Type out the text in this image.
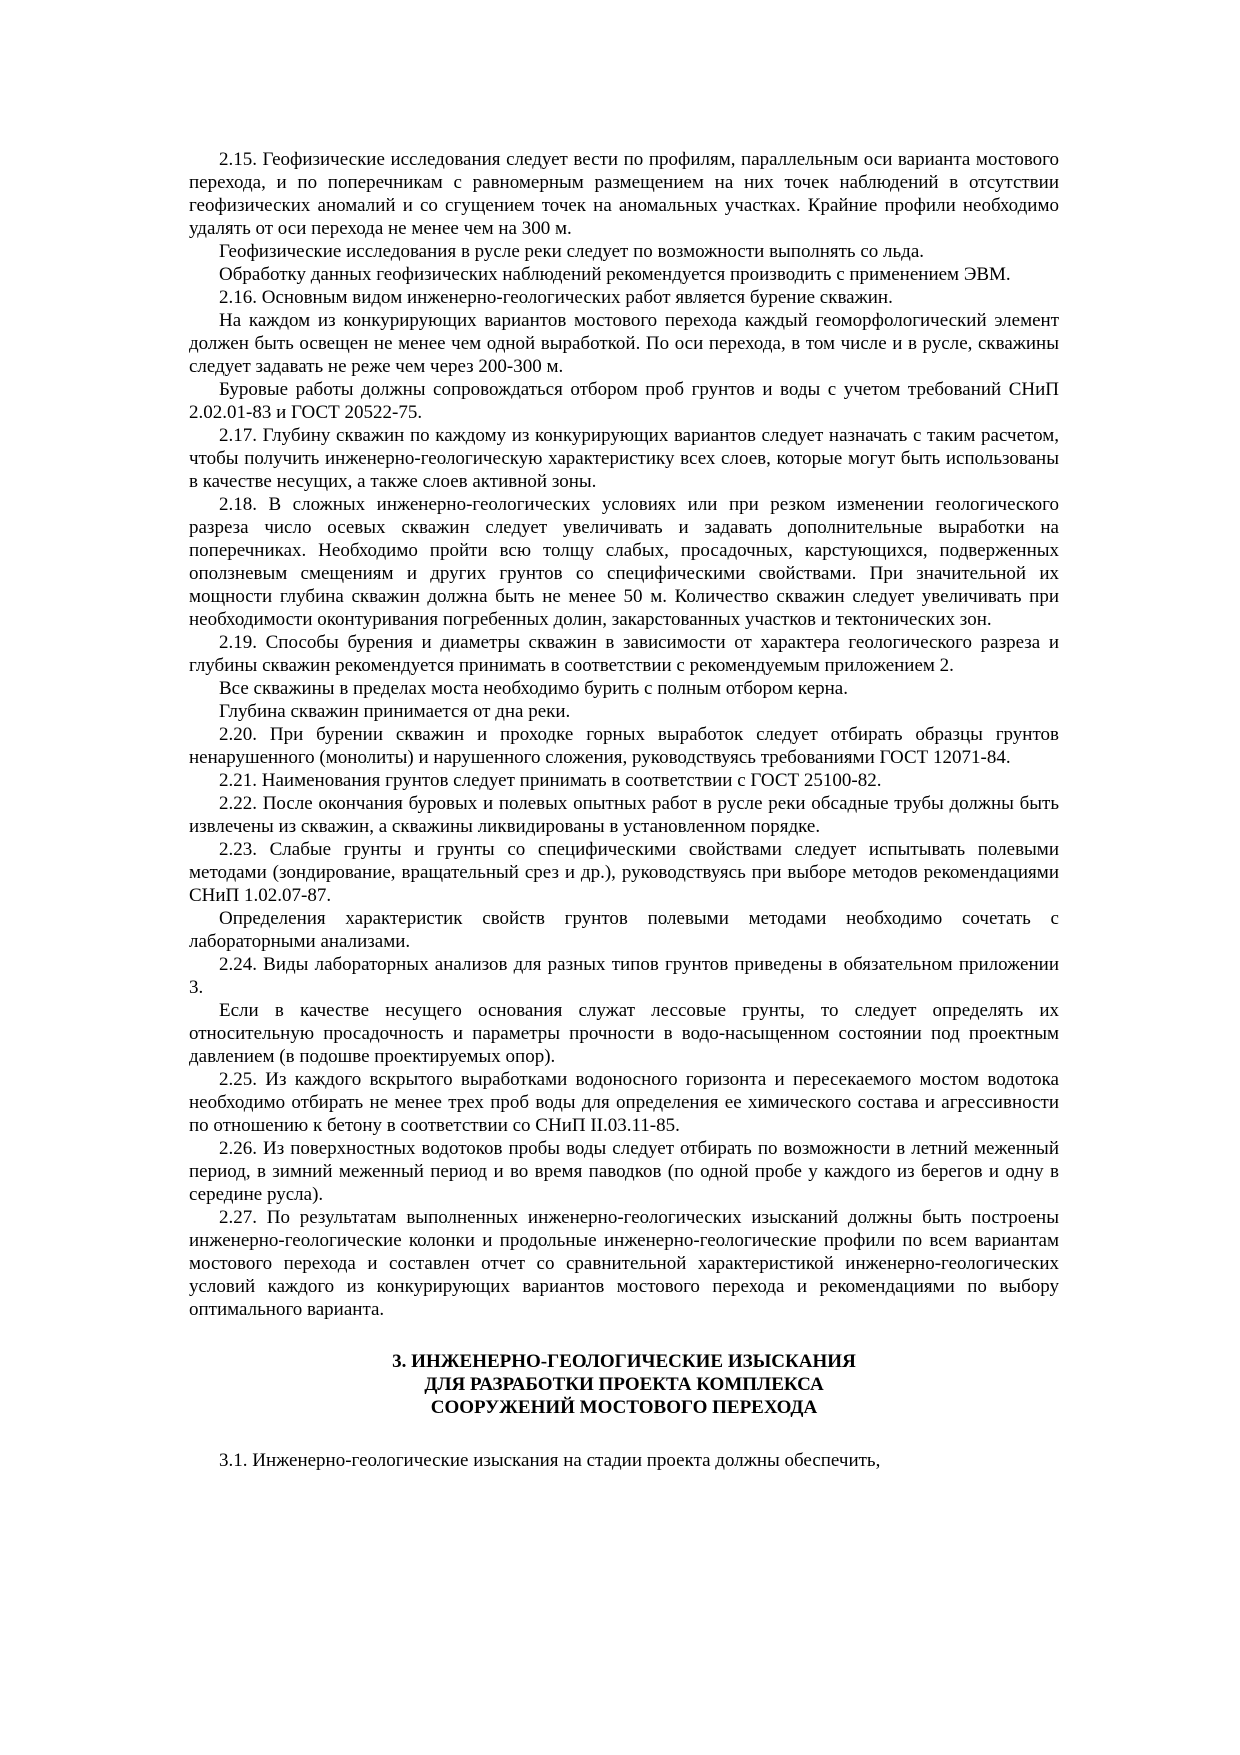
2.15. Геофизические исследования следует вести по профилям, параллельным оси варианта мостового перехода, и по поперечникам с равномерным размещением на них точек наблюдений в отсутствии геофизических аномалий и со сгущением точек на аномальных участках. Крайние профили необходимо удалять от оси перехода не менее чем на 300 м.

Геофизические исследования в русле реки следует по возможности выполнять со льда.

Обработку данных геофизических наблюдений рекомендуется производить с применением ЭВМ.

2.16. Основным видом инженерно-геологических работ является бурение скважин.

На каждом из конкурирующих вариантов мостового перехода каждый геоморфологический элемент должен быть освещен не менее чем одной выработкой. По оси перехода, в том числе и в русле, скважины следует задавать не реже чем через 200-300 м.

Буровые работы должны сопровождаться отбором проб грунтов и воды с учетом требований СНиП 2.02.01-83 и ГОСТ 20522-75.

2.17. Глубину скважин по каждому из конкурирующих вариантов следует назначать с таким расчетом, чтобы получить инженерно-геологическую характеристику всех слоев, которые могут быть использованы в качестве несущих, а также слоев активной зоны.

2.18. В сложных инженерно-геологических условиях или при резком изменении геологического разреза число осевых скважин следует увеличивать и задавать дополнительные выработки на поперечниках. Необходимо пройти всю толщу слабых, просадочных, карстующихся, подверженных оползневым смещениям и других грунтов со специфическими свойствами. При значительной их мощности глубина скважин должна быть не менее 50 м. Количество скважин следует увеличивать при необходимости оконтуривания погребенных долин, закарстованных участков и тектонических зон.

2.19. Способы бурения и диаметры скважин в зависимости от характера геологического разреза и глубины скважин рекомендуется принимать в соответствии с рекомендуемым приложением 2.

Все скважины в пределах моста необходимо бурить с полным отбором керна.

Глубина скважин принимается от дна реки.

2.20. При бурении скважин и проходке горных выработок следует отбирать образцы грунтов ненарушенного (монолиты) и нарушенного сложения, руководствуясь требованиями ГОСТ 12071-84.

2.21. Наименования грунтов следует принимать в соответствии с ГОСТ 25100-82.

2.22. После окончания буровых и полевых опытных работ в русле реки обсадные трубы должны быть извлечены из скважин, а скважины ликвидированы в установленном порядке.

2.23. Слабые грунты и грунты со специфическими свойствами следует испытывать полевыми методами (зондирование, вращательный срез и др.), руководствуясь при выборе методов рекомендациями СНиП 1.02.07-87.

Определения характеристик свойств грунтов полевыми методами необходимо сочетать с лабораторными анализами.

2.24. Виды лабораторных анализов для разных типов грунтов приведены в обязательном приложении 3.

Если в качестве несущего основания служат лессовые грунты, то следует определять их относительную просадочность и параметры прочности в водо-насыщенном состоянии под проектным давлением (в подошве проектируемых опор).

2.25. Из каждого вскрытого выработками водоносного горизонта и пересекаемого мостом водотока необходимо отбирать не менее трех проб воды для определения ее химического состава и агрессивности по отношению к бетону в соответствии со СНиП II.03.11-85.

2.26. Из поверхностных водотоков пробы воды следует отбирать по возможности в летний меженный период, в зимний меженный период и во время паводков (по одной пробе у каждого из берегов и одну в середине русла).

2.27. По результатам выполненных инженерно-геологических изысканий должны быть построены инженерно-геологические колонки и продольные инженерно-геологические профили по всем вариантам мостового перехода и составлен отчет со сравнительной характеристикой инженерно-геологических условий каждого из конкурирующих вариантов мостового перехода и рекомендациями по выбору оптимального варианта.

3. ИНЖЕНЕРНО-ГЕОЛОГИЧЕСКИЕ ИЗЫСКАНИЯ
ДЛЯ РАЗРАБОТКИ ПРОЕКТА КОМПЛЕКСА
СООРУЖЕНИЙ МОСТОВОГО ПЕРЕХОДА

3.1. Инженерно-геологические изыскания на стадии проекта должны обеспечить,
